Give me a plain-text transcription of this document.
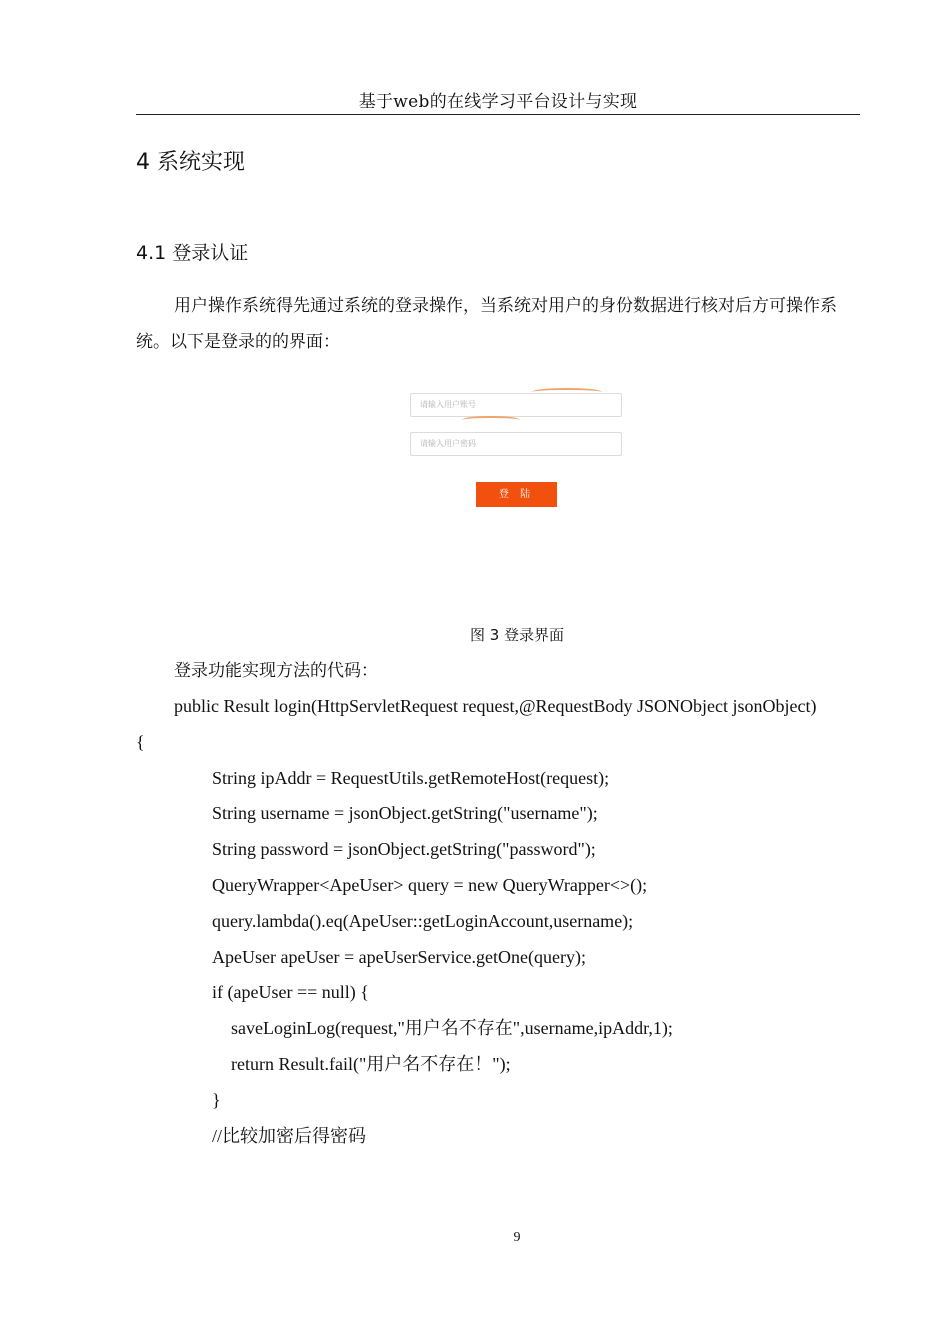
基于web的在线学习平台设计与实现
4 系统实现
4.1 登录认证
用户操作系统得先通过系统的登录操作，当系统对用户的身份数据进行核对后方可操作系统。以下是登录的的界面：
请输入用户账号
请输入用户密码
登 陆
图 3 登录界面
登录功能实现方法的代码：
public Result login(HttpServletRequest request,@RequestBody JSONObject jsonObject)
{
String ipAddr = RequestUtils.getRemoteHost(request);
String username = jsonObject.getString("username");
String password = jsonObject.getString("password");
QueryWrapper<ApeUser> query = new QueryWrapper<>();
query.lambda().eq(ApeUser::getLoginAccount,username);
ApeUser apeUser = apeUserService.getOne(query);
if (apeUser == null) {
saveLoginLog(request,"用户名不存在",username,ipAddr,1);
return Result.fail("用户名不存在！");
}
//比较加密后得密码
9
